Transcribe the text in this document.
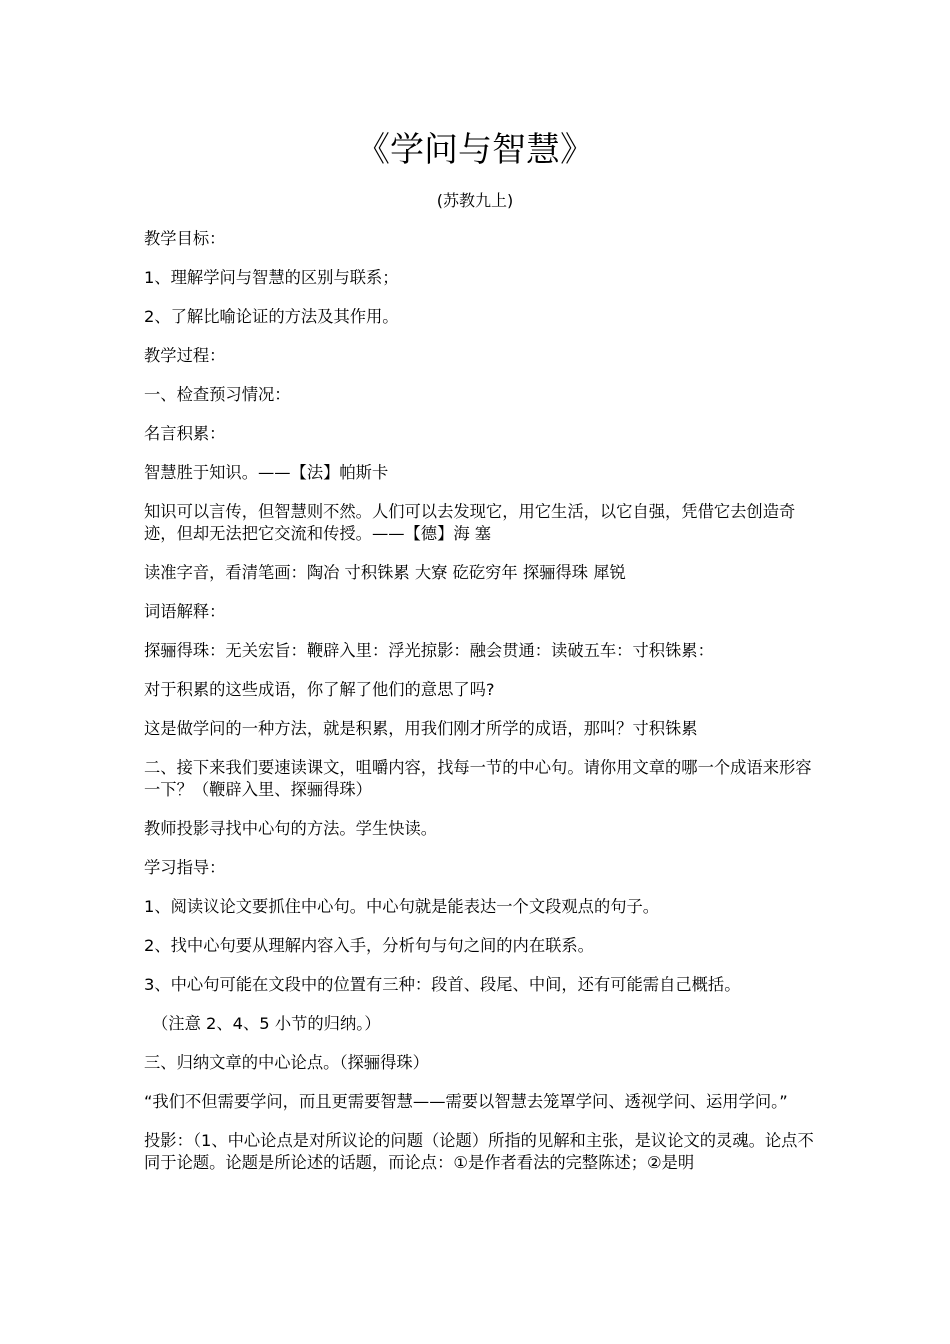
《学问与智慧》
(苏教九上)

教学目标：

1、理解学问与智慧的区别与联系；

2、了解比喻论证的方法及其作用。

教学过程：

一、检查预习情况：

名言积累：

智慧胜于知识。——【法】帕斯卡

知识可以言传，但智慧则不然。人们可以去发现它，用它生活，以它自强，凭借它去创造奇迹，但却无法把它交流和传授。——【德】海 塞

读准字音，看清笔画：陶冶 寸积铢累 大寮 矻矻穷年 探骊得珠 犀锐

词语解释：

探骊得珠：无关宏旨：鞭辟入里：浮光掠影：融会贯通：读破五车：寸积铢累：

对于积累的这些成语，你了解了他们的意思了吗?

这是做学问的一种方法，就是积累，用我们刚才所学的成语，那叫？寸积铢累

二、接下来我们要速读课文，咀嚼内容，找每一节的中心句。请你用文章的哪一个成语来形容一下？（鞭辟入里、探骊得珠）

教师投影寻找中心句的方法。学生快读。

学习指导：

1、阅读议论文要抓住中心句。中心句就是能表达一个文段观点的句子。

2、找中心句要从理解内容入手，分析句与句之间的内在联系。

3、中心句可能在文段中的位置有三种：段首、段尾、中间，还有可能需自己概括。

（注意 2、4、5 小节的归纳。）

三、归纳文章的中心论点。（探骊得珠）

“我们不但需要学问，而且更需要智慧——需要以智慧去笼罩学问、透视学问、运用学问。”

投影：（1、中心论点是对所议论的问题（论题）所指的见解和主张，是议论文的灵魂。论点不同于论题。论题是所论述的话题，而论点：①是作者看法的完整陈述；②是明
